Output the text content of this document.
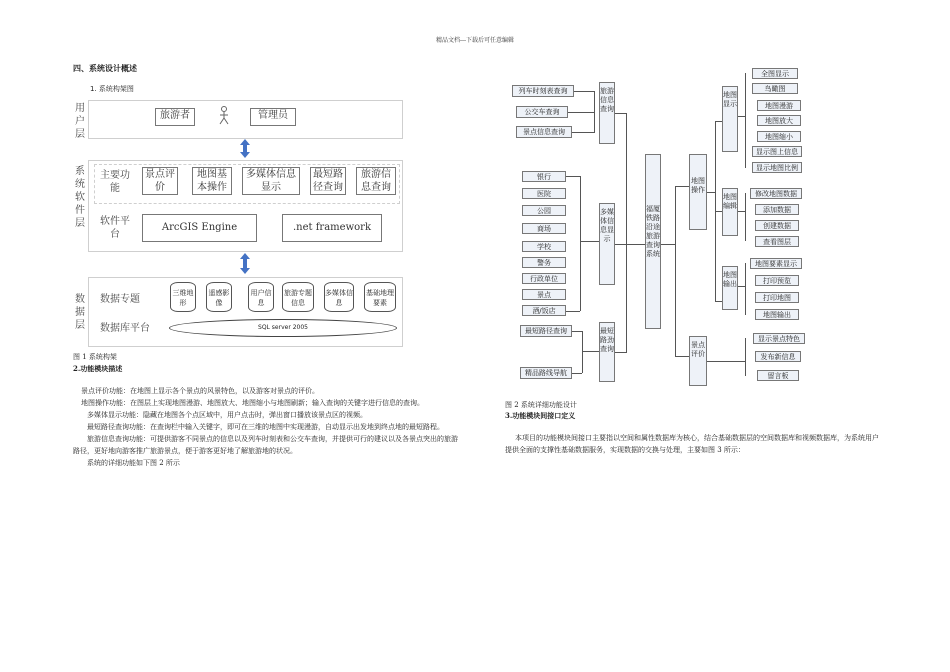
精品文档---下载后可任意编辑
四、系统设计概述
1. 系统构架图
用户层
旅游者	管理员
系统软件层
主要功能
景点评价
地图基本操作
多媒体信息显示
最短路径查询
旅游信息查询
软件平台
ArcGIS Engine	.net framework
数据层
数据专题
三维地形
遥感影像
用户信息
旅游专题信息
多媒体信息
基础地理要素
数据库平台	SQL server 2005
图 1 系统构架
2.功能模块描述
景点评价功能：在地图上显示各个景点的风景特色，以及游客对景点的评价。
地图操作功能：在图层上实现地图漫游、地图放大、地图缩小与地图刷新；输入查询的关键字进行信息的查询。
多媒体显示功能：隐藏在地图各个点区域中，用户点击时，弹出窗口播放该景点区的视频。
最短路径查询功能：在查询栏中输入关键字，即可在三维的地图中实现漫游，自动显示出发地到终点地的最短路程。
旅游信息查询功能：可提供游客不同景点的信息以及列车时刻表和公交车查询，并提供可行的建议以及各景点突出的旅游路径，更好地向游客推广旅游景点，便于游客更好地了解旅游地的状况。
系统的详细功能如下图 2 所示
列车时刻表查询
公交车查询
景点信息查询
旅游信息查询
银行
医院
公园
商场
学校
警务
行政单位
景点
酒/饭店
多媒体信息显示
最短路径查询
精品路线导航
最短路劲查询
福厦铁路沿途旅游查询系统
地图操作
景点评价
地图显示
地图编辑
地图输出
全图显示
鸟瞰图
地图漫游
地图放大
地图缩小
显示图上信息
显示地图比例
修改地图数据
添加数据
创建数据
查看图层
地图要素显示
打印预览
打印地图
地图输出
显示景点特色
发布新信息
留言板
图 2 系统详细功能设计
3.功能模块间接口定义
本项目的功能模块间接口主要指以空间和属性数据库为核心，结合基础数据层的空间数据库和视频数据库，为系统用户提供全面的支撑性基础数据服务，实现数据的交换与处理，主要如图 3 所示：
